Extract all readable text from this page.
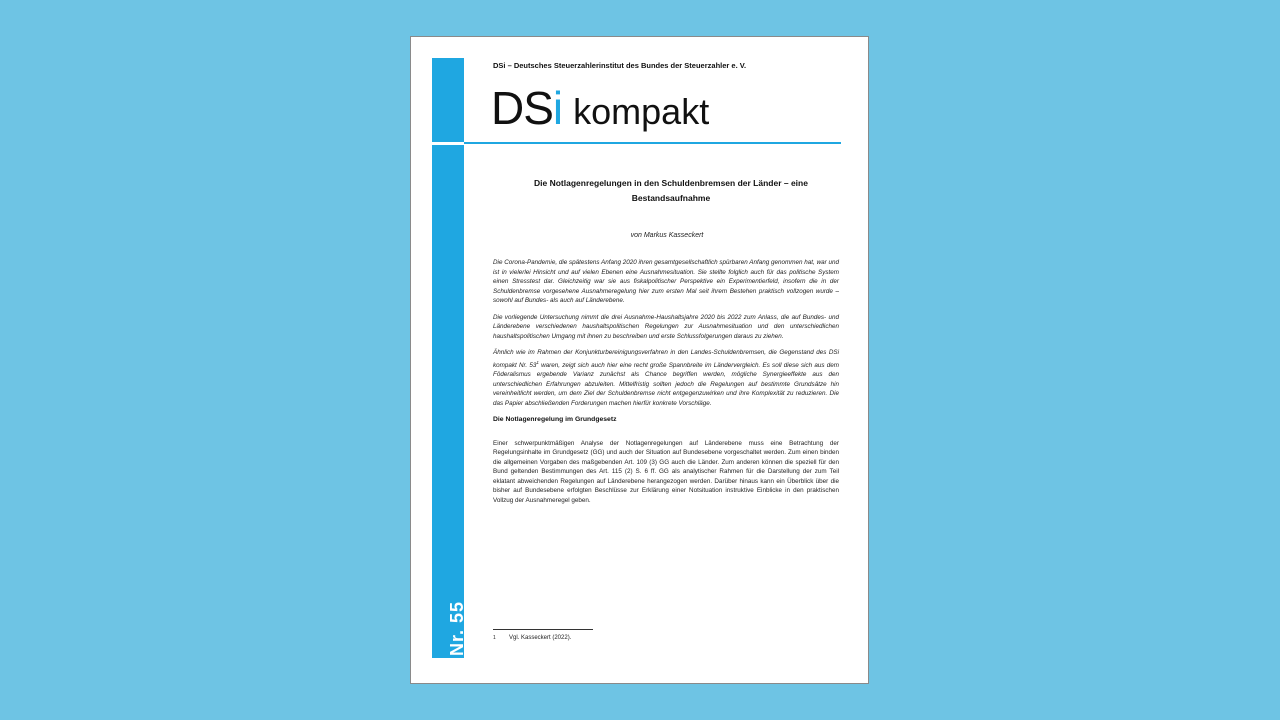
Nr. 55 5. April 2023
DSi – Deutsches Steuerzahlerinstitut des Bundes der Steuerzahler e. V.
DSi kompakt
Die Notlagenregelungen in den Schuldenbremsen der Länder – eine Bestandsaufnahme
von Markus Kasseckert

Die Corona-Pandemie, die spätestens Anfang 2020 ihren gesamtgesellschaftlich spürbaren Anfang genommen hat, war und ist in vielerlei Hinsicht und auf vielen Ebenen eine Ausnahmesituation. Sie stellte folglich auch für das politische System einen Stresstest dar. Gleichzeitig war sie aus fiskalpolitischer Perspektive ein Experimentierfeld, insofern die in der Schuldenbremse vorgesehene Ausnahmeregelung hier zum ersten Mal seit ihrem Bestehen praktisch vollzogen wurde – sowohl auf Bundes- als auch auf Länderebene.

Die vorliegende Untersuchung nimmt die drei Ausnahme-Haushaltsjahre 2020 bis 2022 zum Anlass, die auf Bundes- und Länderebene verschiedenen haushaltspolitischen Regelungen zur Ausnahmesituation und den unterschiedlichen haushaltspolitischen Umgang mit ihnen zu beschreiben und erste Schlussfolgerungen daraus zu ziehen.

Ähnlich wie im Rahmen der Konjunkturbereinigungsverfahren in den Landes-Schuldenbremsen, die Gegenstand des DSi kompakt Nr. $53^1$ waren, zeigt sich auch hier eine recht große Spannbreite im Ländervergleich. Es soll diese sich aus dem Föderalismus ergebende Varianz zunächst als Chance begriffen werden, mögliche Synergieeffekte aus den unterschiedlichen Erfahrungen abzuleiten. Mittelfristig sollten jedoch die Regelungen auf bestimmte Grundsätze hin vereinheitlicht werden, um dem Ziel der Schuldenbremse nicht entgegenzuwirken und ihre Komplexität zu reduzieren. Die das Papier abschließenden Forderungen machen hierfür konkrete Vorschläge.

Die Notlagenregelung im Grundgesetz

Einer schwerpunktmäßigen Analyse der Notlagenregelungen auf Länderebene muss eine Betrachtung der Regelungsinhalte im Grundgesetz (GG) und auch der Situation auf Bundesebene vorgeschaltet werden. Zum einen binden die allgemeinen Vorgaben des maßgebenden Art. 109 (3) GG auch die Länder. Zum anderen können die speziell für den Bund geltenden Bestimmungen des Art. 115 (2) S. 6 ff. GG als analytischer Rahmen für die Darstellung der zum Teil eklatant abweichenden Regelungen auf Länderebene herangezogen werden. Darüber hinaus kann ein Überblick über die bisher auf Bundesebene erfolgten Beschlüsse zur Erklärung einer Notsituation instruktive Einblicke in den praktischen Vollzug der Ausnahmeregel geben.

1 Vgl. Kasseckert (2022).
